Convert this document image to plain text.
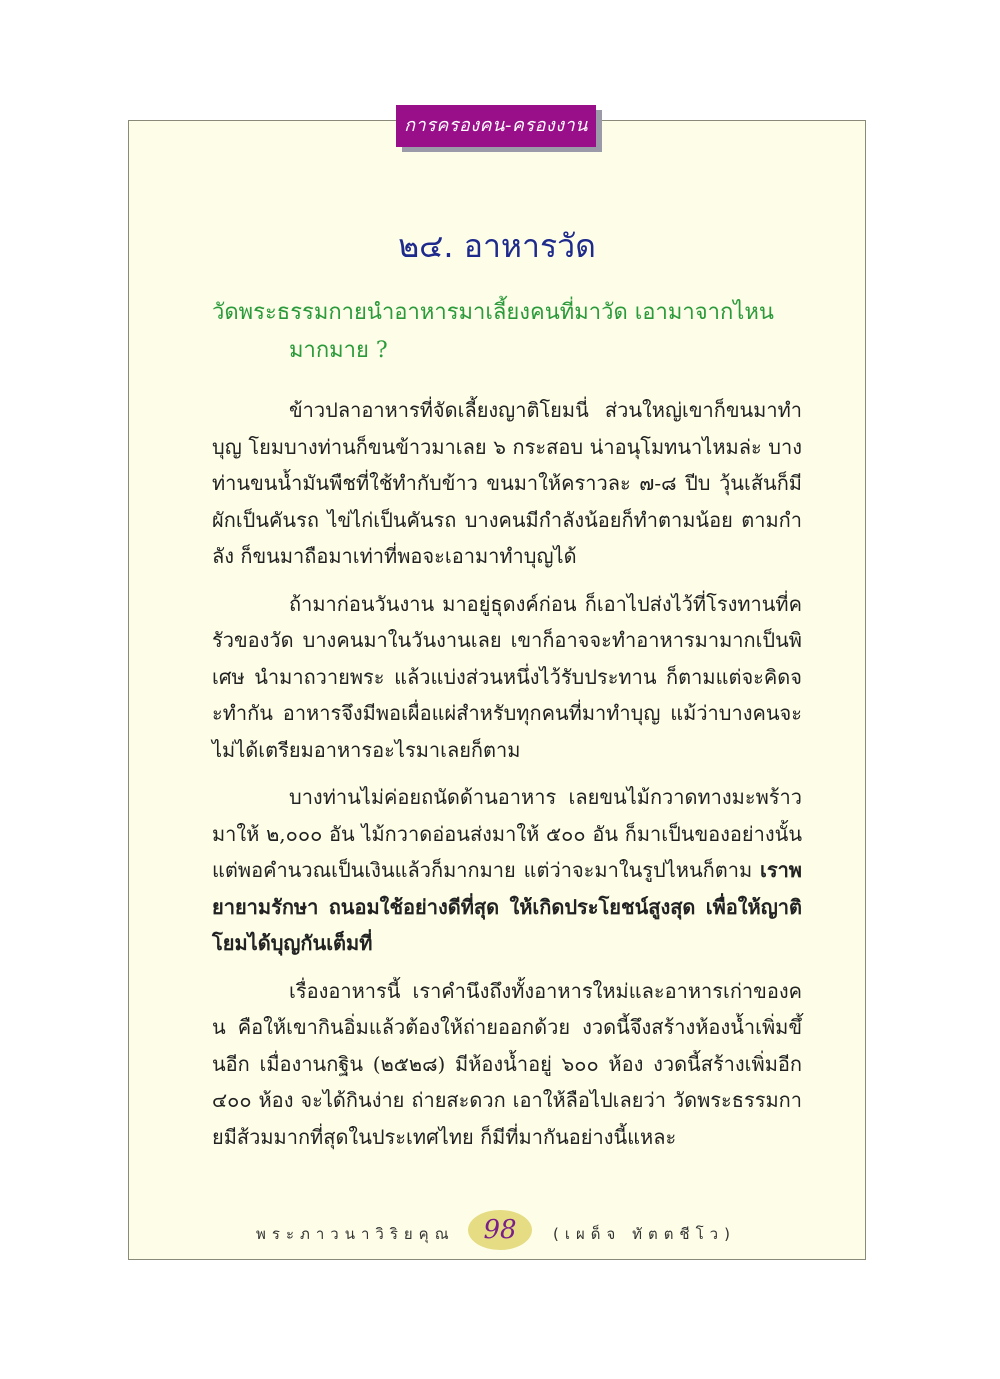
การครองคน-ครองงาน
๒๔. อาหารวัด

วัดพระธรรมกายนำอาหารมาเลี้ยงคนที่มาวัด เอามาจากไหน
มากมาย ?

ข้าวปลาอาหารที่จัดเลี้ยงญาติโยมนี่ ส่วนใหญ่เขาก็ขนมาทำบุญ โยมบางท่านก็ขนข้าวมาเลย ๖ กระสอบ น่าอนุโมทนาไหมล่ะ บางท่านขนน้ำมันพืชที่ใช้ทำกับข้าว ขนมาให้คราวละ ๗-๘ ปีบ วุ้นเส้นก็มี ผักเป็นคันรถ ไข่ไก่เป็นคันรถ บางคนมีกำลังน้อยก็ทำตามน้อย ตามกำลัง ก็ขนมาถือมาเท่าที่พอจะเอามาทำบุญได้

ถ้ามาก่อนวันงาน มาอยู่ธุดงค์ก่อน ก็เอาไปส่งไว้ที่โรงทานที่ครัวของวัด บางคนมาในวันงานเลย เขาก็อาจจะทำอาหารมามากเป็นพิเศษ นำมาถวายพระ แล้วแบ่งส่วนหนึ่งไว้รับประทาน ก็ตามแต่จะคิดจะทำกัน อาหารจึงมีพอเผื่อแผ่สำหรับทุกคนที่มาทำบุญ แม้ว่าบางคนจะไม่ได้เตรียมอาหารอะไรมาเลยก็ตาม

บางท่านไม่ค่อยถนัดด้านอาหาร เลยขนไม้กวาดทางมะพร้าวมาให้ ๒,๐๐๐ อัน ไม้กวาดอ่อนส่งมาให้ ๕๐๐ อัน ก็มาเป็นของอย่างนั้น แต่พอคำนวณเป็นเงินแล้วก็มากมาย แต่ว่าจะมาในรูปไหนก็ตาม เราพยายามรักษา ถนอมใช้อย่างดีที่สุด ให้เกิดประโยชน์สูงสุด เพื่อให้ญาติโยมได้บุญกันเต็มที่

เรื่องอาหารนี้ เราคำนึงถึงทั้งอาหารใหม่และอาหารเก่าของคน คือให้เขากินอิ่มแล้วต้องให้ถ่ายออกด้วย งวดนี้จึงสร้างห้องน้ำเพิ่มขึ้นอีก เมื่องานกฐิน (๒๕๒๘) มีห้องน้ำอยู่ ๖๐๐ ห้อง งวดนี้สร้างเพิ่มอีก ๔๐๐ ห้อง จะได้กินง่าย ถ่ายสะดวก เอาให้ลือไปเลยว่า วัดพระธรรมกายมีส้วมมากที่สุดในประเทศไทย ก็มีที่มากันอย่างนี้แหละ

พระภาวนาวิริยคุณ	98	(เผด็จ ทัตตชีโว)
